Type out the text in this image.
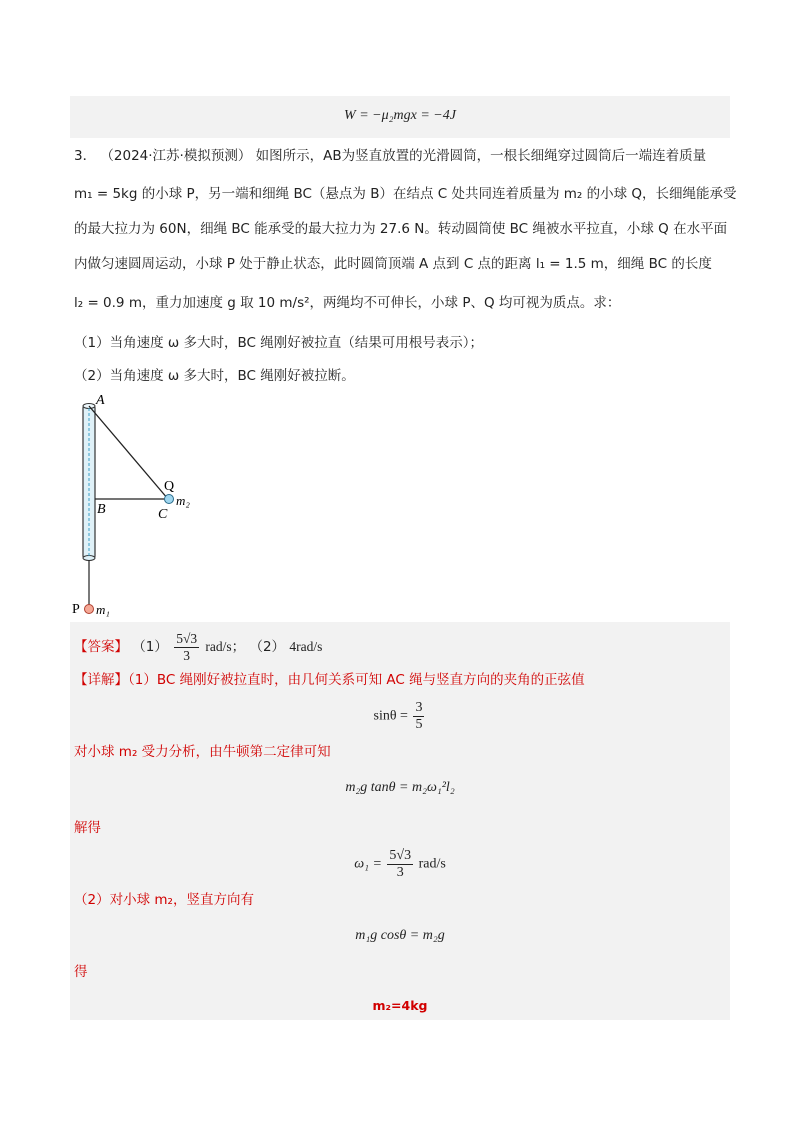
W = −μ₂mgx = −4J
3． （2024·江苏·模拟预测） 如图所示，AB为竖直放置的光滑圆筒，一根长细绳穿过圆筒后一端连着质量
m₁ = 5kg 的小球 P，另一端和细绳 BC（悬点为 B）在结点 C 处共同连着质量为 m₂ 的小球 Q，长细绳能承受
的最大拉力为 60N，细绳 BC 能承受的最大拉力为 27.6 N。转动圆筒使 BC 绳被水平拉直，小球 Q 在水平面
内做匀速圆周运动，小球 P 处于静止状态，此时圆筒顶端 A 点到 C 点的距离 l₁ = 1.5 m，细绳 BC 的长度
l₂ = 0.9 m，重力加速度 g 取 10 m/s²，两绳均不可伸长，小球 P、Q 均可视为质点。求：
（1）当角速度 ω 多大时，BC 绳刚好被拉直（结果可用根号表示）；
（2）当角速度 ω 多大时，BC 绳刚好被拉断。
A
B	C
Q
m₂
P m₁
【答案】 $(1) \frac{5√3}{3} rad/s$； （2） 4rad/s
【详解】（1）BC 绳刚好被拉直时，由几何关系可知 AC 绳与竖直方向的夹角的正弦值
$\sin\theta = \frac{3}{5}$
对小球 m₂ 受力分析，由牛顿第二定律可知
m₂g tanθ = m₂ω₁²l₂
解得
$\omega_1 = \frac{5√3}{3} rad/s$
（2）对小球 m₂，竖直方向有
m₁g cosθ = m₂g
得
m₂=4kg
